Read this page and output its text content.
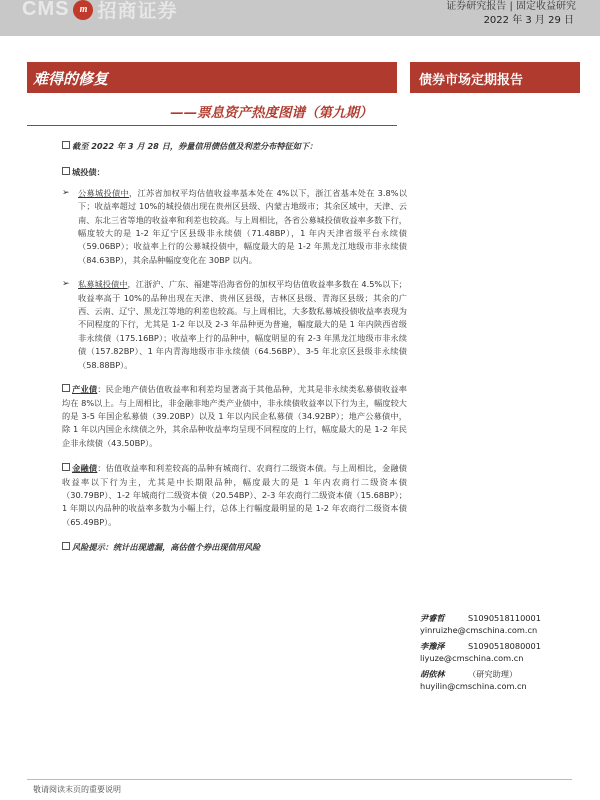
CMS	m 招商证券	证券研究报告 | 固定收益研究
2022 年 3 月 29 日
难得的修复
——票息资产热度图谱（第九期）
债券市场定期报告

截至 2022 年 3 月 28 日，券量信用债估值及利差分布特征如下：

城投债：

➢ 公募城投债中，江苏省加权平均估值收益率基本处在 4%以下，浙江省基本处在 3.8%以下；收益率超过 10%的城投债出现在贵州区县级、内蒙古地级市；其余区域中，天津、云南、东北三省等地的收益率和利差也较高。与上周相比，各省公募城投债收益率多数下行，幅度较大的是 1-2 年辽宁区县级非永续债（71.48BP），1 年内天津省级平台永续债（59.06BP）；收益率上行的公募城投债中，幅度最大的是 1-2 年黑龙江地级市非永续债（84.63BP），其余品种幅度变化在 30BP 以内。
➢ 私募城投债中，江浙沪、广东、福建等沿海省份的加权平均估值收益率多数在 4.5%以下；收益率高于 10%的品种出现在天津、贵州区县级，吉林区县级、青海区县级；其余的广西、云南、辽宁、黑龙江等地的利差也较高。与上周相比，大多数私募城投债收益率表现为不同程度的下行，尤其是 1-2 年以及 2-3 年品种更为普遍，幅度最大的是 1 年内陕西省级非永续债（175.16BP）；收益率上行的品种中，幅度明显的有 2-3 年黑龙江地级市非永续债（157.82BP）、1 年内青海地级市非永续债（64.56BP）、3-5 年北京区县级非永续债（58.88BP）。

产业债：民企地产债估值收益率和利差均显著高于其他品种，尤其是非永续类私募债收益率均在 8%以上。与上周相比，非金融非地产类产业债中，非永续债收益率以下行为主，幅度较大的是 3-5 年国企私募债（39.20BP）以及 1 年以内民企私募债（34.92BP）；地产公募债中，除 1 年以内国企永续债之外，其余品种收益率均呈现不同程度的上行，幅度最大的是 1-2 年民企非永续债（43.50BP）。

金融债：估值收益率和利差较高的品种有城商行、农商行二级资本债。与上周相比，金融债收益率以下行为主，尤其是中长期限品种，幅度最大的是 1 年内农商行二级资本债（30.79BP）、1-2 年城商行二级资本债（20.54BP）、2-3 年农商行二级资本债（15.68BP）；1 年期以内品种的收益率多数为小幅上行，总体上行幅度最明显的是 1-2 年农商行二级资本债（65.49BP）。

风险提示：统计出现遗漏，高估值个券出现信用风险

尹睿哲	S1090518110001
yinruizhe@cmschina.com.cn
李豫泽	S1090518080001
liyuze@cmschina.com.cn
胡依林	（研究助理）
huyilin@cmschina.com.cn
敬请阅读末页的重要说明
